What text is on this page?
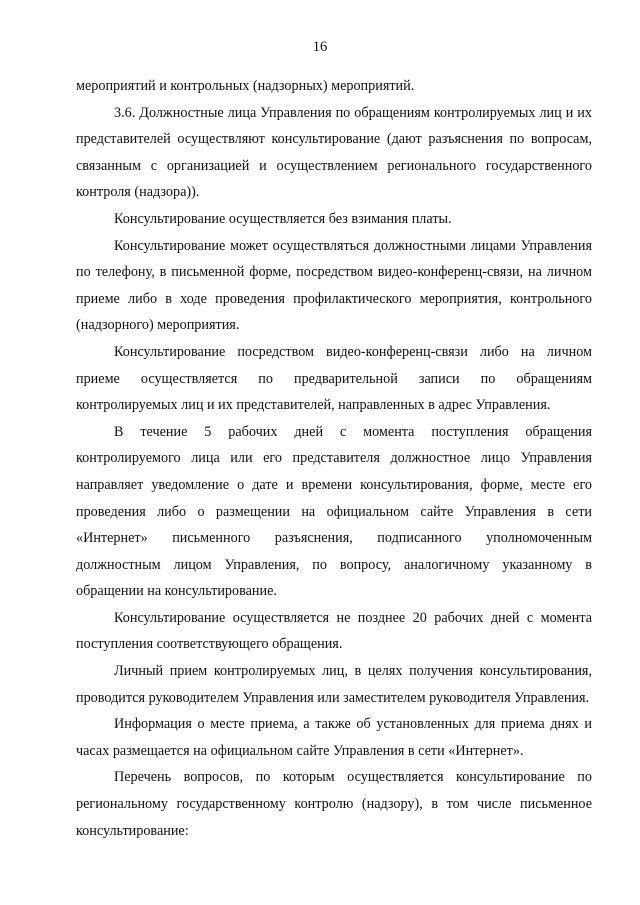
16

мероприятий и контрольных (надзорных) мероприятий.

3.6. Должностные лица Управления по обращениям контролируемых лиц и их представителей осуществляют консультирование (дают разъяснения по вопросам, связанным с организацией и осуществлением регионального государственного контроля (надзора)).

Консультирование осуществляется без взимания платы.

Консультирование может осуществляться должностными лицами Управления по телефону, в письменной форме, посредством видео-конференц-связи, на личном приеме либо в ходе проведения профилактического мероприятия, контрольного (надзорного) мероприятия.

Консультирование посредством видео-конференц-связи либо на личном приеме осуществляется по предварительной записи по обращениям контролируемых лиц и их представителей, направленных в адрес Управления.

В течение 5 рабочих дней с момента поступления обращения контролируемого лица или его представителя должностное лицо Управления направляет уведомление о дате и времени консультирования, форме, месте его проведения либо о размещении на официальном сайте Управления в сети «Интернет» письменного разъяснения, подписанного уполномоченным должностным лицом Управления, по вопросу, аналогичному указанному в обращении на консультирование.

Консультирование осуществляется не позднее 20 рабочих дней с момента поступления соответствующего обращения.

Личный прием контролируемых лиц, в целях получения консультирования, проводится руководителем Управления или заместителем руководителя Управления.

Информация о месте приема, а также об установленных для приема днях и часах размещается на официальном сайте Управления в сети «Интернет».

Перечень вопросов, по которым осуществляется консультирование по региональному государственному контролю (надзору), в том числе письменное консультирование:
